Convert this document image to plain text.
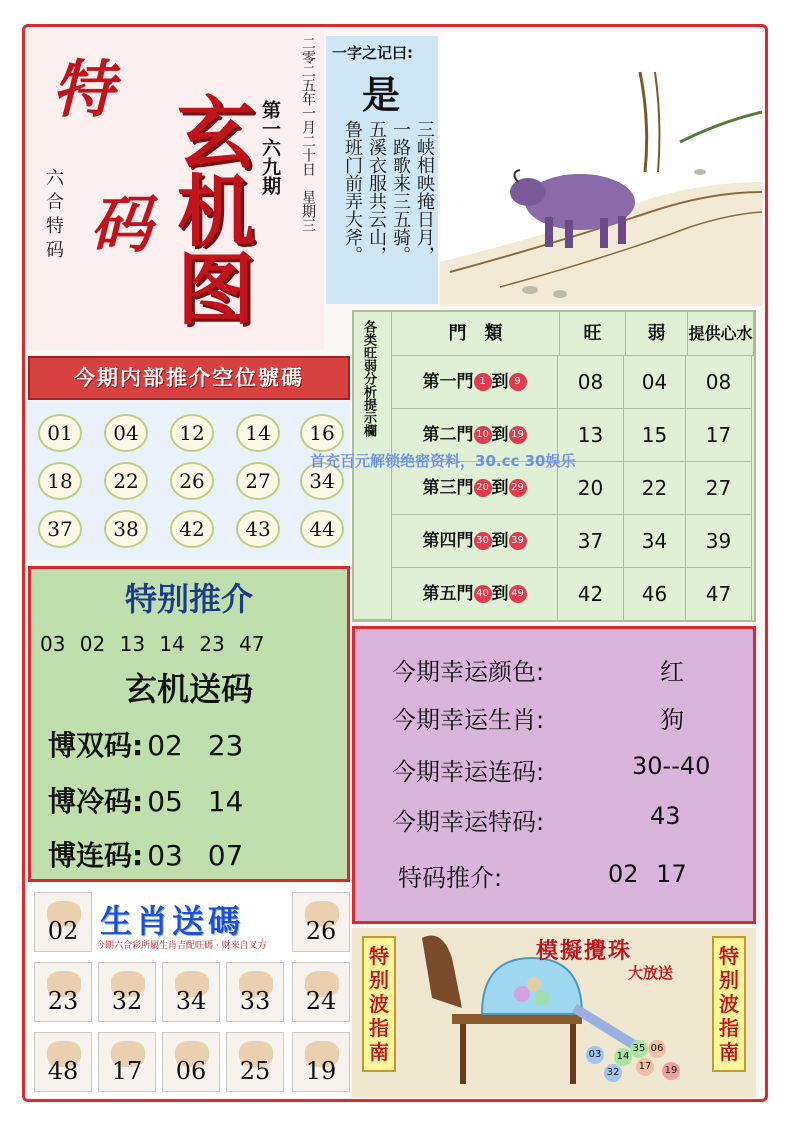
特
码
六合特码 玄机图 第一六九期 二零二五年一月二十日星期三
一字之记曰:
是
三峡相映掩日月，
一路歌来三五骑。
五溪衣服共云山，
鲁班门前弄大斧。
今期内部推介空位號碼
01	04	12	14	16
18	22	26	27	34
37	38	42	43	44
門　類	旺	弱	提供心水
各类旺弱分析提示欄	第一門 1 到 9	08	04	08
第二門 10 到 19	13	15	17
第三門 20 到 29	20	22	27
第四門 30 到 39	37	34	39
第五門 40 到 49	42	46	47
特别推介
03 02 13 14 23 47
玄机送码
博双码: 02 23
博冷码: 05 14
博连码: 03 07
今期幸运颜色:	红
今期幸运生肖:	狗
今期幸运连码:	30--40
今期幸运特码:	43
特码推介:	02 17
生肖送碼
今期六合彩所屬生肖吉配旺碼 · 财来自叉方
02	26
23	32	34	33	24
48	17	06	25	19
特别波指南
特别波指南
模擬攪珠
大放送
03 14
35 06
32
17 19
首充百元解锁绝密资料，30.cc 30娱乐
